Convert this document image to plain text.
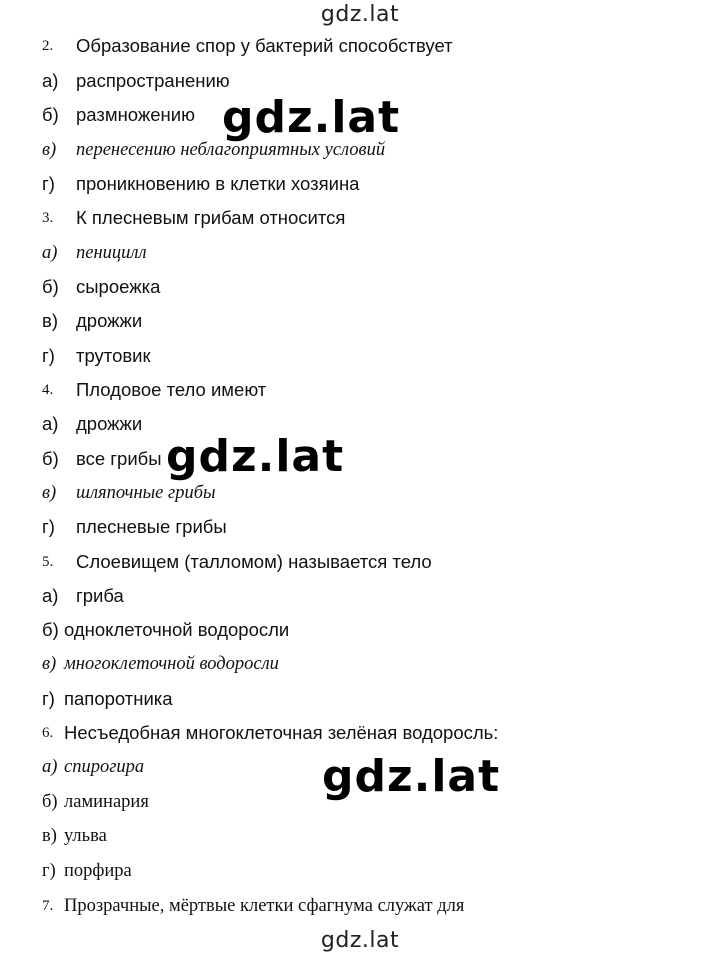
gdz.lat
2. Образование спор у бактерий способствует
а) распространению
б) размножению
в) перенесению неблагоприятных условий
г) проникновению в клетки хозяина
3. К плесневым грибам относится
а) пеницилл
б) сыроежка
в) дрожжи
г) трутовик
4. Плодовое тело имеют
а) дрожжи
б) все грибы
в) шляпочные грибы
г) плесневые грибы
5. Слоевищем (талломом) называется тело
а) гриба
б) одноклеточной водоросли
в) многоклеточной водоросли
г) папоротника
6. Несъедобная многоклеточная зелёная водоросль:
а) спирогира
б) ламинария
в) ульва
г) порфира
7. Прозрачные, мёртвые клетки сфагнума служат для
gdz.lat
gdz.lat
gdz.lat
gdz.lat
